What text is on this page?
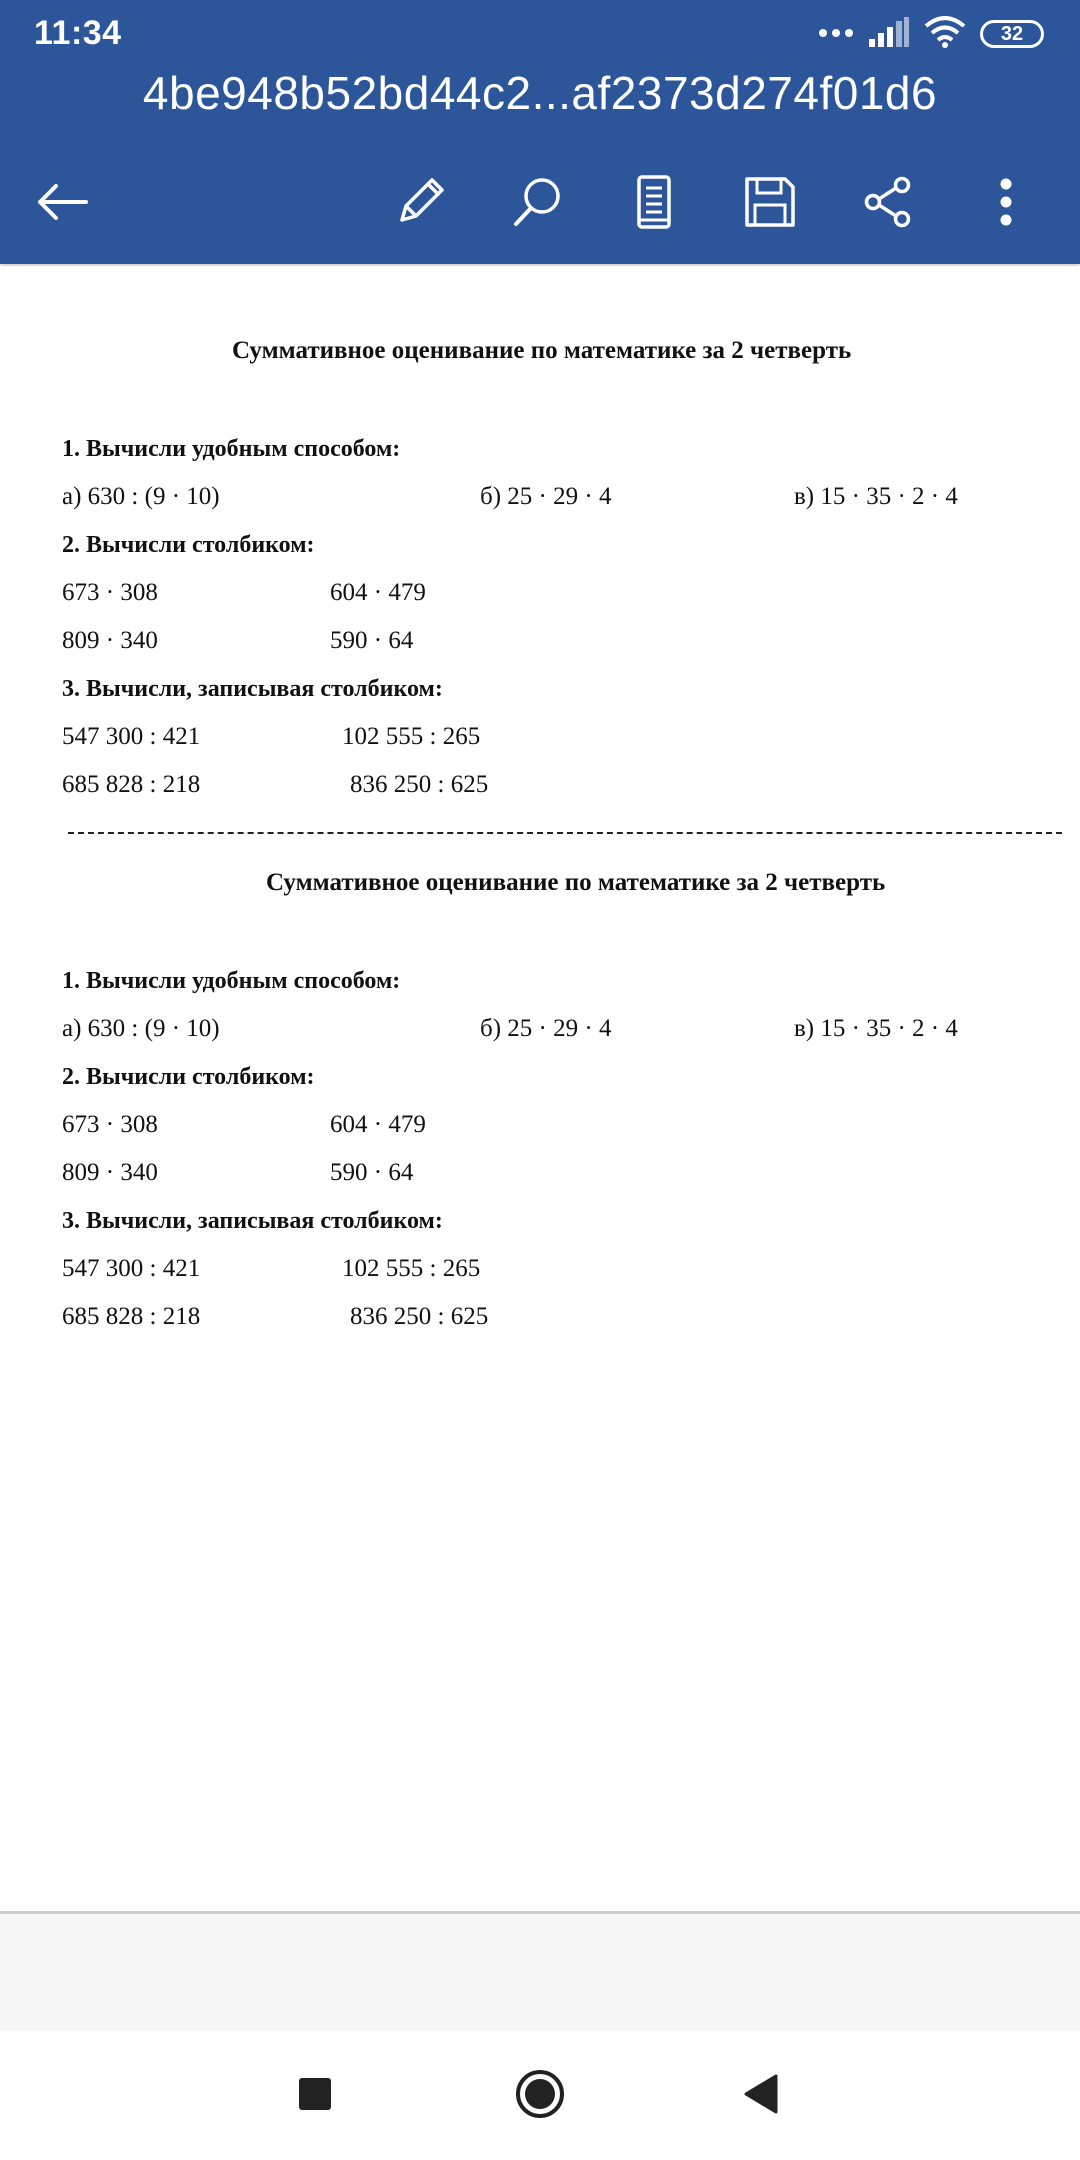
11:34	32
4be948b52bd44c2...af2373d274f01d6
Суммативное оценивание по математике за 2 четверть
1. Вычисли удобным способом:
а) 630 : (9 · 10)	б) 25 · 29 · 4	в) 15 · 35 · 2 · 4
2. Вычисли столбиком:
673 · 308	604 · 479
809 · 340	590 · 64
3. Вычисли, записывая столбиком:
547 300 : 421	102 555 : 265
685 828 : 218	836 250 : 625
Суммативное оценивание по математике за 2 четверть
1. Вычисли удобным способом:
а) 630 : (9 · 10)	б) 25 · 29 · 4	в) 15 · 35 · 2 · 4
2. Вычисли столбиком:
673 · 308	604 · 479
809 · 340	590 · 64
3. Вычисли, записывая столбиком:
547 300 : 421	102 555 : 265
685 828 : 218	836 250 : 625
